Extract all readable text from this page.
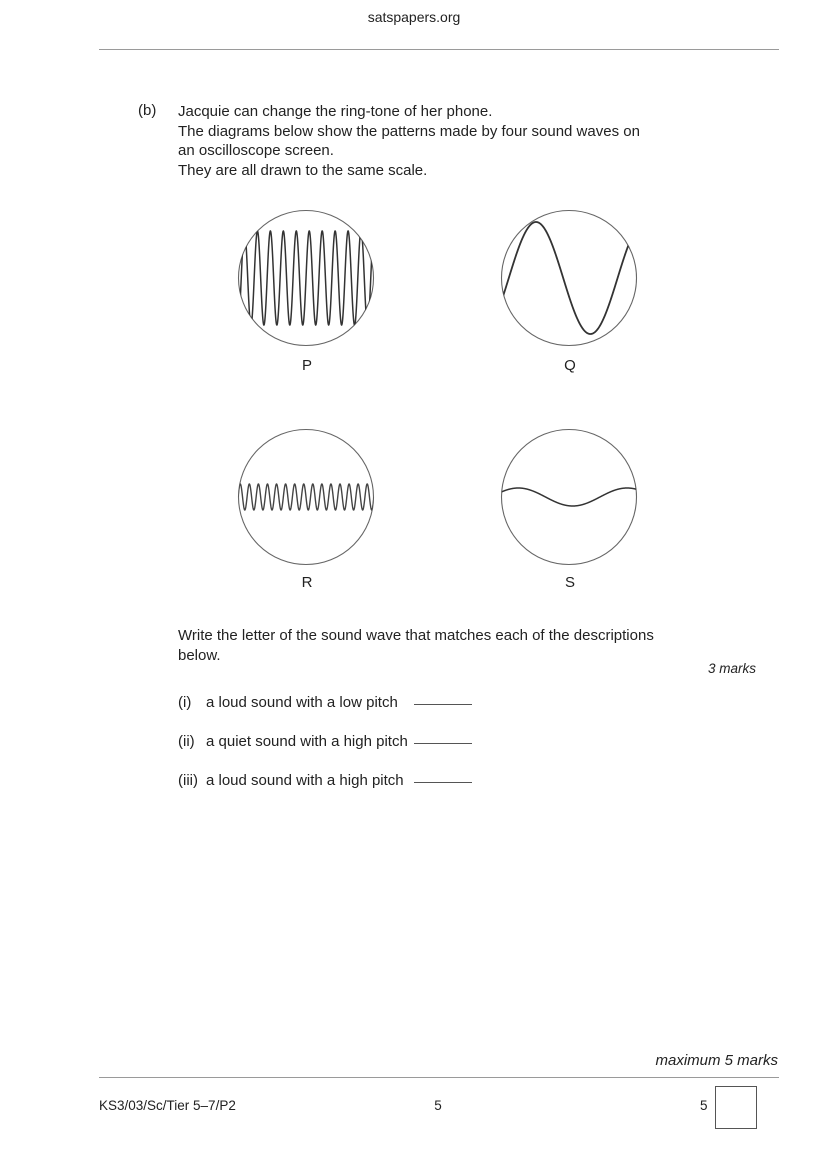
satspapers.org
(b) Jacquie can change the ring-tone of her phone.
The diagrams below show the patterns made by four sound waves on
an oscilloscope screen.
They are all drawn to the same scale.
P	Q
R	S
Write the letter of the sound wave that matches each of the descriptions
below.
3 marks
(i) a loud sound with a low pitch
(ii) a quiet sound with a high pitch
(iii) a loud sound with a high pitch
maximum 5 marks
KS3/03/Sc/Tier 5–7/P2	5	5
